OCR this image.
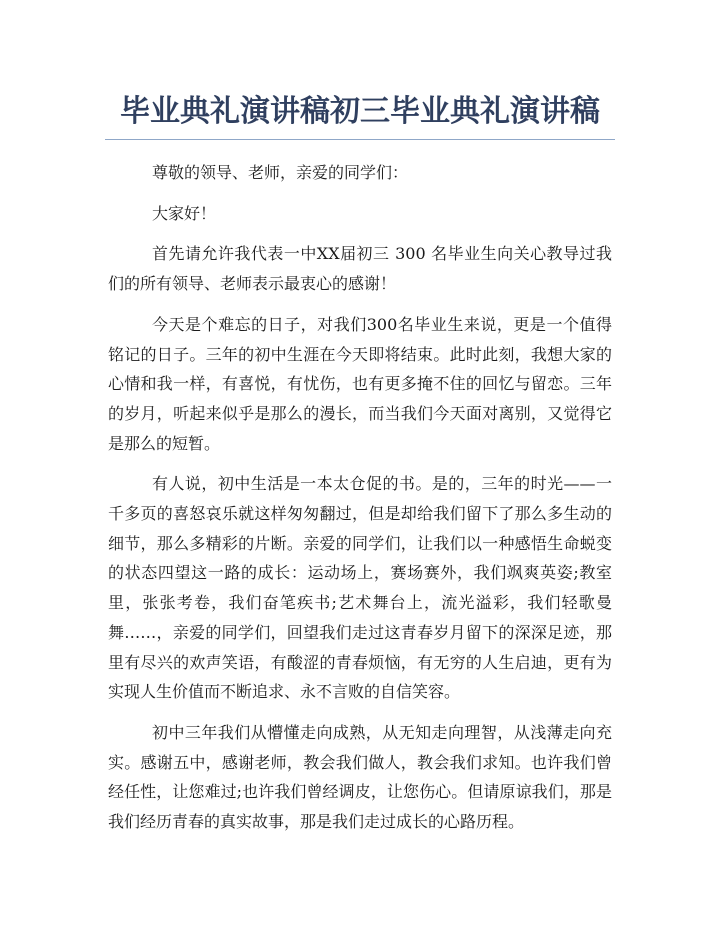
毕业典礼演讲稿初三毕业典礼演讲稿

尊敬的领导、老师，亲爱的同学们：

大家好！

首先请允许我代表一中XX届初三 300 名毕业生向关心教导过我们的所有领导、老师表示最衷心的感谢！

今天是个难忘的日子，对我们300名毕业生来说，更是一个值得铭记的日子。三年的初中生涯在今天即将结束。此时此刻，我想大家的心情和我一样，有喜悦，有忧伤，也有更多掩不住的回忆与留恋。三年的岁月，听起来似乎是那么的漫长，而当我们今天面对离别，又觉得它是那么的短暂。

有人说，初中生活是一本太仓促的书。是的，三年的时光——一千多页的喜怒哀乐就这样匆匆翻过，但是却给我们留下了那么多生动的细节，那么多精彩的片断。亲爱的同学们，让我们以一种感悟生命蜕变的状态四望这一路的成长：运动场上，赛场赛外，我们飒爽英姿;教室里，张张考卷，我们奋笔疾书;艺术舞台上，流光溢彩，我们轻歌曼舞……，亲爱的同学们，回望我们走过这青春岁月留下的深深足迹，那里有尽兴的欢声笑语，有酸涩的青春烦恼，有无穷的人生启迪，更有为实现人生价值而不断追求、永不言败的自信笑容。

初中三年我们从懵懂走向成熟，从无知走向理智，从浅薄走向充实。感谢五中，感谢老师，教会我们做人，教会我们求知。也许我们曾经任性，让您难过;也许我们曾经调皮，让您伤心。但请原谅我们，那是我们经历青春的真实故事，那是我们走过成长的心路历程。
